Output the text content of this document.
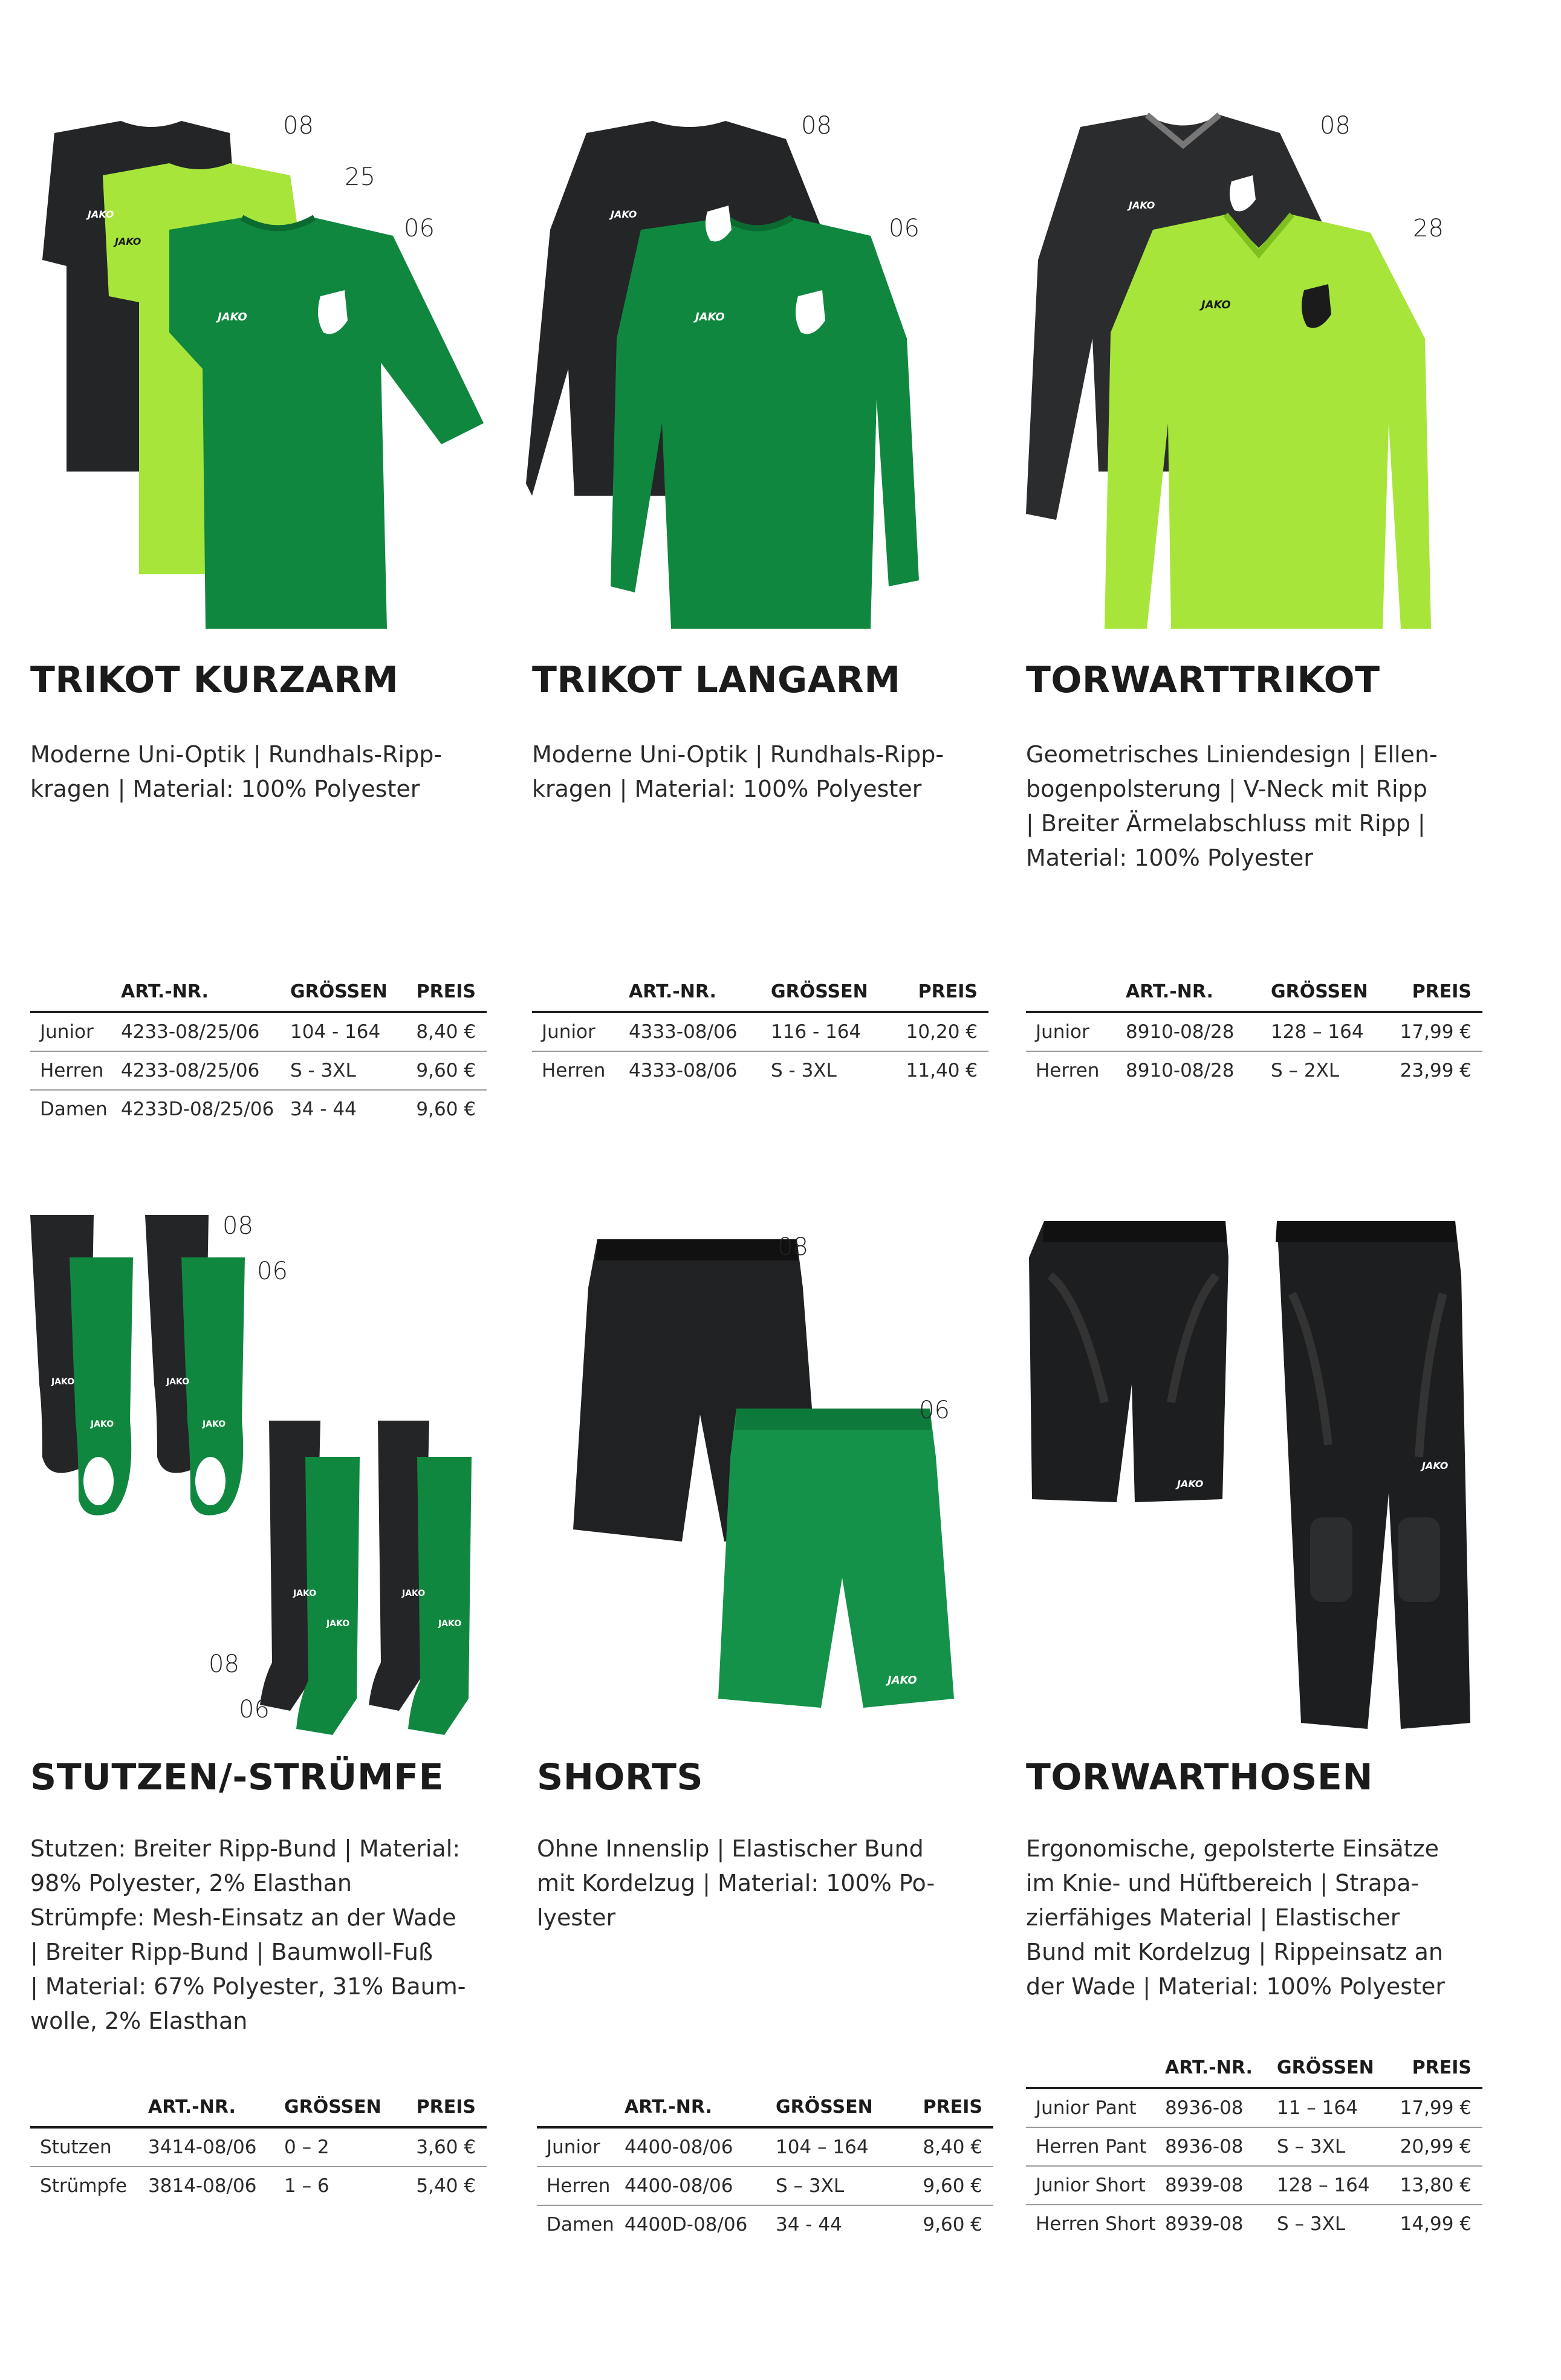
JAKO
JAKO
JAKO
08
25
06
TRIKOT KURZARM

Moderne Uni-Optik | Rundhals-Ripp-
kragen | Material: 100% Polyester

	ART.-NR.	GRÖSSEN	PREIS
Junior	4233-08/25/06	104 - 164	8,40 €
Herren	4233-08/25/06	S - 3XL	9,60 €
Damen	4233D-08/25/06	34 - 44	9,60 €
JAKO
JAKO
08
06
TRIKOT LANGARM

Moderne Uni-Optik | Rundhals-Ripp-
kragen | Material: 100% Polyester

	ART.-NR.	GRÖSSEN	PREIS
Junior	4333-08/06	116 - 164	10,20 €
Herren	4333-08/06	S - 3XL	11,40 €
JAKO
JAKO
08
28
TORWARTTRIKOT

Geometrisches Liniendesign | Ellen-
bogenpolsterung | V-Neck mit Ripp
| Breiter Ärmelabschluss mit Ripp |
Material: 100% Polyester

	ART.-NR.	GRÖSSEN	PREIS
Junior	8910-08/28	128 – 164	17,99 €
Herren	8910-08/28	S – 2XL	23,99 €
JAKO
JAKO
JAKO
JAKO
JAKO
JAKO
JAKO
JAKO
08
06
08
06
STUTZEN/-STRÜMFE

Stutzen: Breiter Ripp-Bund | Material:
98% Polyester, 2% Elasthan
Strümpfe: Mesh-Einsatz an der Wade
| Breiter Ripp-Bund | Baumwoll-Fuß
| Material: 67% Polyester, 31% Baum-
wolle, 2% Elasthan

	ART.-NR.	GRÖSSEN	PREIS
Stutzen	3414-08/06	0 – 2	3,60 €
Strümpfe	3814-08/06	1 – 6	5,40 €
JAKO
08
06
SHORTS

Ohne Innenslip | Elastischer Bund
mit Kordelzug | Material: 100% Po-
lyester

	ART.-NR.	GRÖSSEN	PREIS
Junior	4400-08/06	104 – 164	8,40 €
Herren	4400-08/06	S – 3XL	9,60 €
Damen	4400D-08/06	34 - 44	9,60 €
JAKO
JAKO
TORWARTHOSEN

Ergonomische, gepolsterte Einsätze
im Knie- und Hüftbereich | Strapa-
zierfähiges Material | Elastischer
Bund mit Kordelzug | Rippeinsatz an
der Wade | Material: 100% Polyester

	ART.-NR.	GRÖSSEN	PREIS
Junior Pant	8936-08	11 – 164	17,99 €
Herren Pant	8936-08	S – 3XL	20,99 €
Junior Short	8939-08	128 – 164	13,80 €
Herren Short	8939-08	S – 3XL	14,99 €
